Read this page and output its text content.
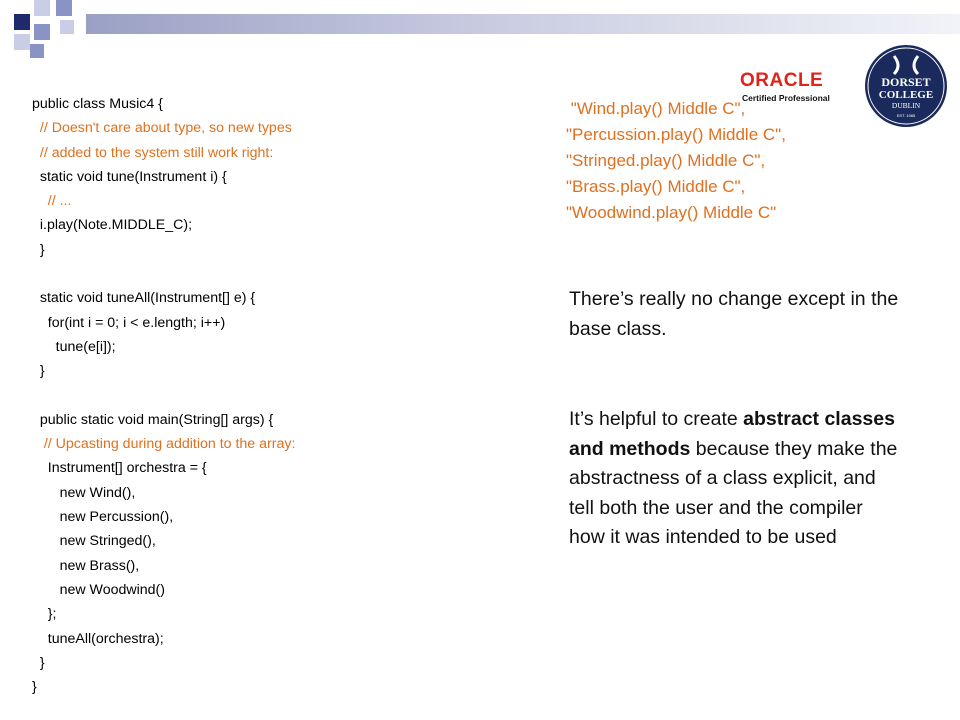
public class Music4 {
// Doesn't care about type, so new types
// added to the system still work right:
static void tune(Instrument i) {
// ...
i.play(Note.MIDDLE_C);
}
static void tuneAll(Instrument[] e) {
for(int i = 0; i < e.length; i++)
tune(e[i]);
}
public static void main(String[] args) {
// Upcasting during addition to the array:
Instrument[] orchestra = {
new Wind(),
new Percussion(),
new Stringed(),
new Brass(),
new Woodwind()
};
tuneAll(orchestra);
}
}
"Wind.play() Middle C",
"Percussion.play() Middle C",
"Stringed.play() Middle C",
"Brass.play() Middle C",
"Woodwind.play() Middle C"
ORACLE
Certified Professional
DORSET
COLLEGE
DUBLIN
EST. 1985
There’s really no change except in the base class.
It’s helpful to create abstract classes and methods because they make the abstractness of a class explicit, and tell both the user and the compiler how it was intended to be used
